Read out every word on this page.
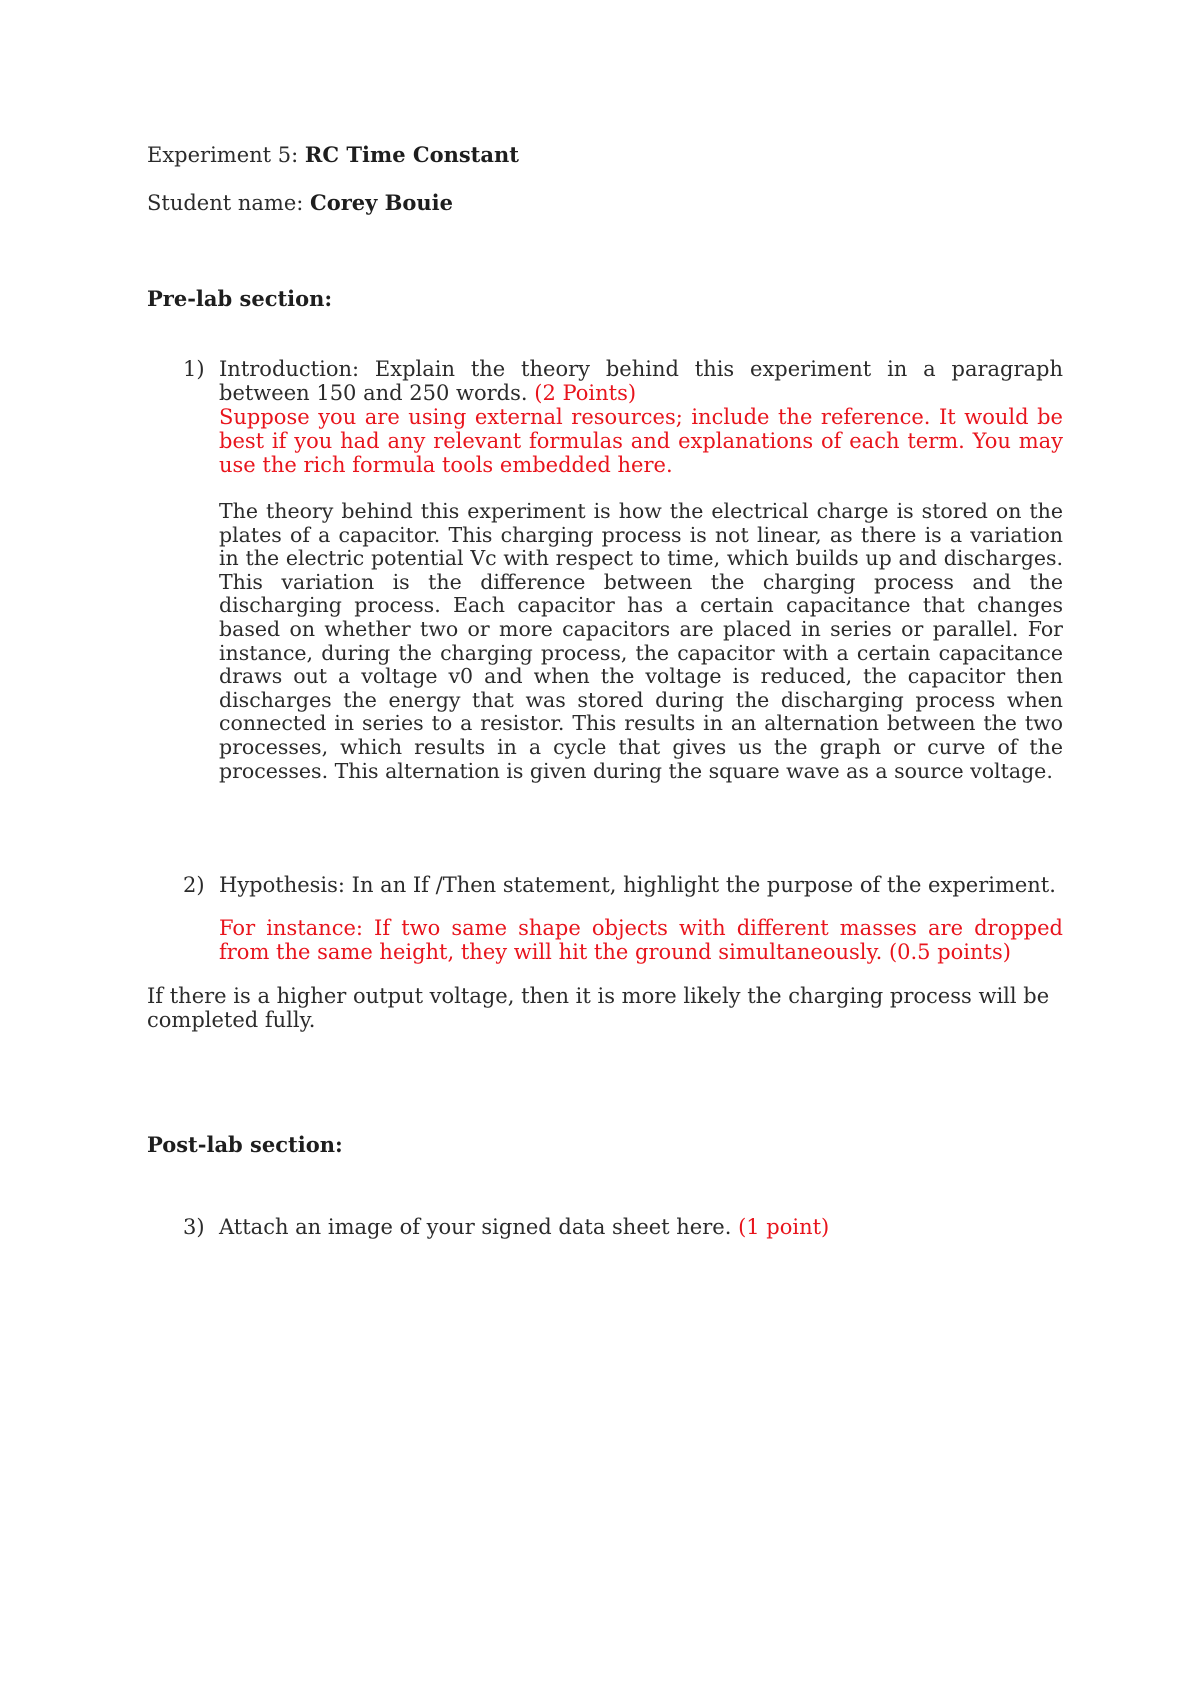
Experiment 5: RC Time Constant
Student name: Corey Bouie
Pre-lab section:
1) Introduction: Explain the theory behind this experiment in a paragraph between 150 and 250 words. (2 Points)
Suppose you are using external resources; include the reference. It would be best if you had any relevant formulas and explanations of each term. You may use the rich formula tools embedded here.
The theory behind this experiment is how the electrical charge is stored on the plates of a capacitor. This charging process is not linear, as there is a variation in the electric potential Vc with respect to time, which builds up and discharges. This variation is the difference between the charging process and the discharging process. Each capacitor has a certain capacitance that changes based on whether two or more capacitors are placed in series or parallel. For instance, during the charging process, the capacitor with a certain capacitance draws out a voltage v0 and when the voltage is reduced, the capacitor then discharges the energy that was stored during the discharging process when connected in series to a resistor. This results in an alternation between the two processes, which results in a cycle that gives us the graph or curve of the processes. This alternation is given during the square wave as a source voltage.
2) Hypothesis: In an If /Then statement, highlight the purpose of the experiment.
For instance: If two same shape objects with different masses are dropped from the same height, they will hit the ground simultaneously. (0.5 points)
If there is a higher output voltage, then it is more likely the charging process will be completed fully.
Post-lab section:
3) Attach an image of your signed data sheet here. (1 point)
